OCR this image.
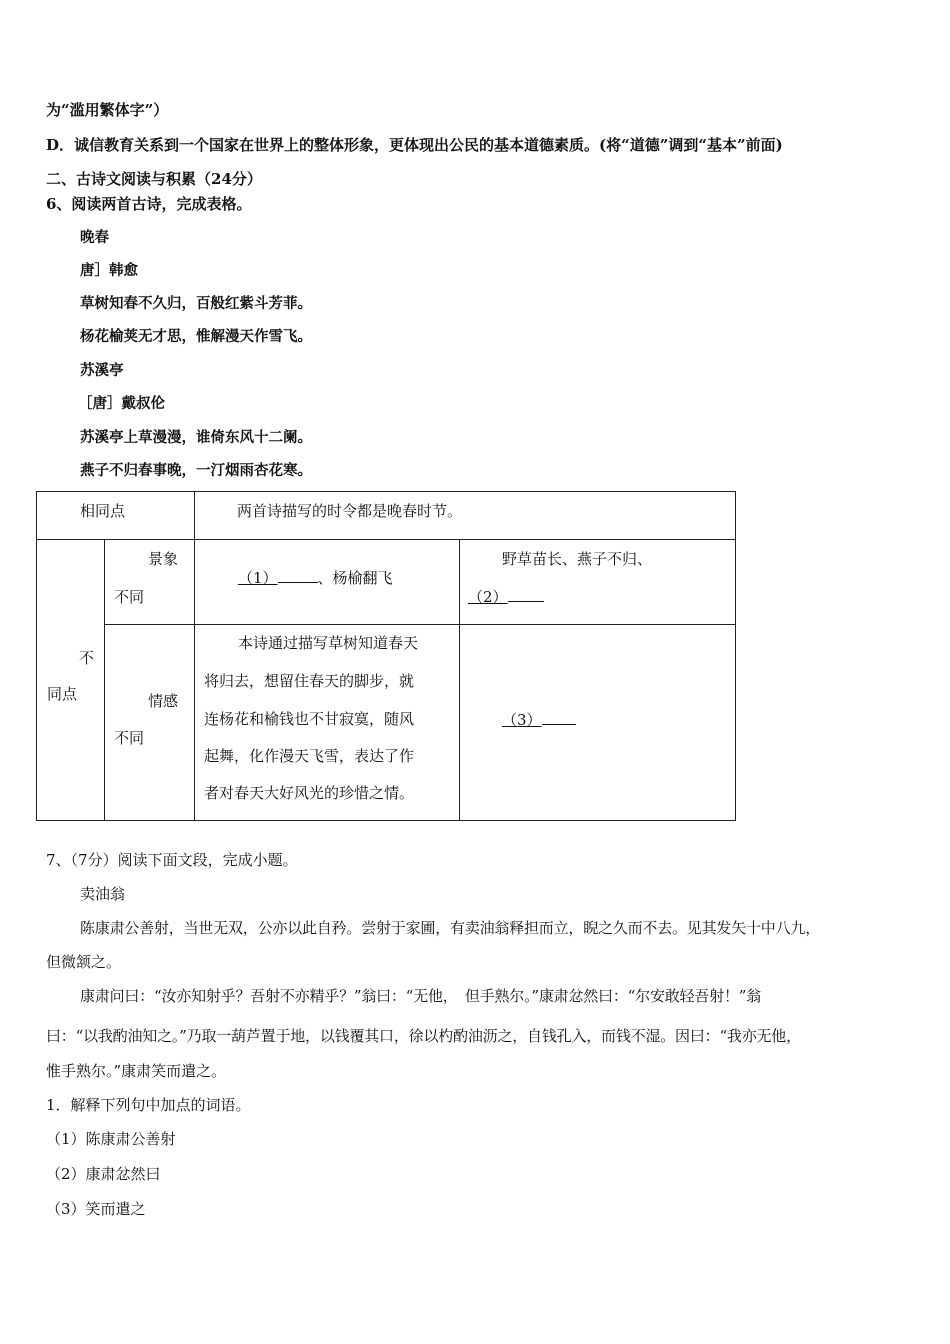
为“滥用繁体字”）
D．诚信教育关系到一个国家在世界上的整体形象，更体现出公民的基本道德素质。(将“道德”调到“基本”前面)
二、古诗文阅读与积累（24分）
6、阅读两首古诗，完成表格。
晚春
唐］韩愈
草树知春不久归，百般红紫斗芳菲。
杨花榆荚无才思，惟解漫天作雪飞。
苏溪亭
［唐］戴叔伦
苏溪亭上草漫漫，谁倚东风十二阑。
燕子不归春事晚，一汀烟雨杏花寒。
相同点	两首诗描写的时令都是晚春时节。
不
同点
景象
不同
（1）	、杨榆翻飞
野草苗长、燕子不归、
（2）
情感
不同
本诗通过描写草树知道春天
将归去，想留住春天的脚步，就
连杨花和榆钱也不甘寂寞，随风
起舞，化作漫天飞雪，表达了作
者对春天大好风光的珍惜之情。
（3）
7、（7分）阅读下面文段，完成小题。
卖油翁
陈康肃公善射，当世无双，公亦以此自矜。尝射于家圃，有卖油翁释担而立，睨之久而不去。见其发矢十中八九，
但微颔之。
康肃问曰：“汝亦知射乎？吾射不亦精乎？”翁曰：“无他，　但手熟尔。”康肃忿然曰：“尔安敢轻吾射！”翁
曰：“以我酌油知之。”乃取一葫芦置于地，以钱覆其口，徐以杓酌油沥之，自钱孔入，而钱不湿。因曰：“我亦无他，
惟手熟尔。”康肃笑而遣之。
1．解释下列句中加点的词语。
（1）陈康肃公善射
（2）康肃忿然曰
（3）笑而遣之
